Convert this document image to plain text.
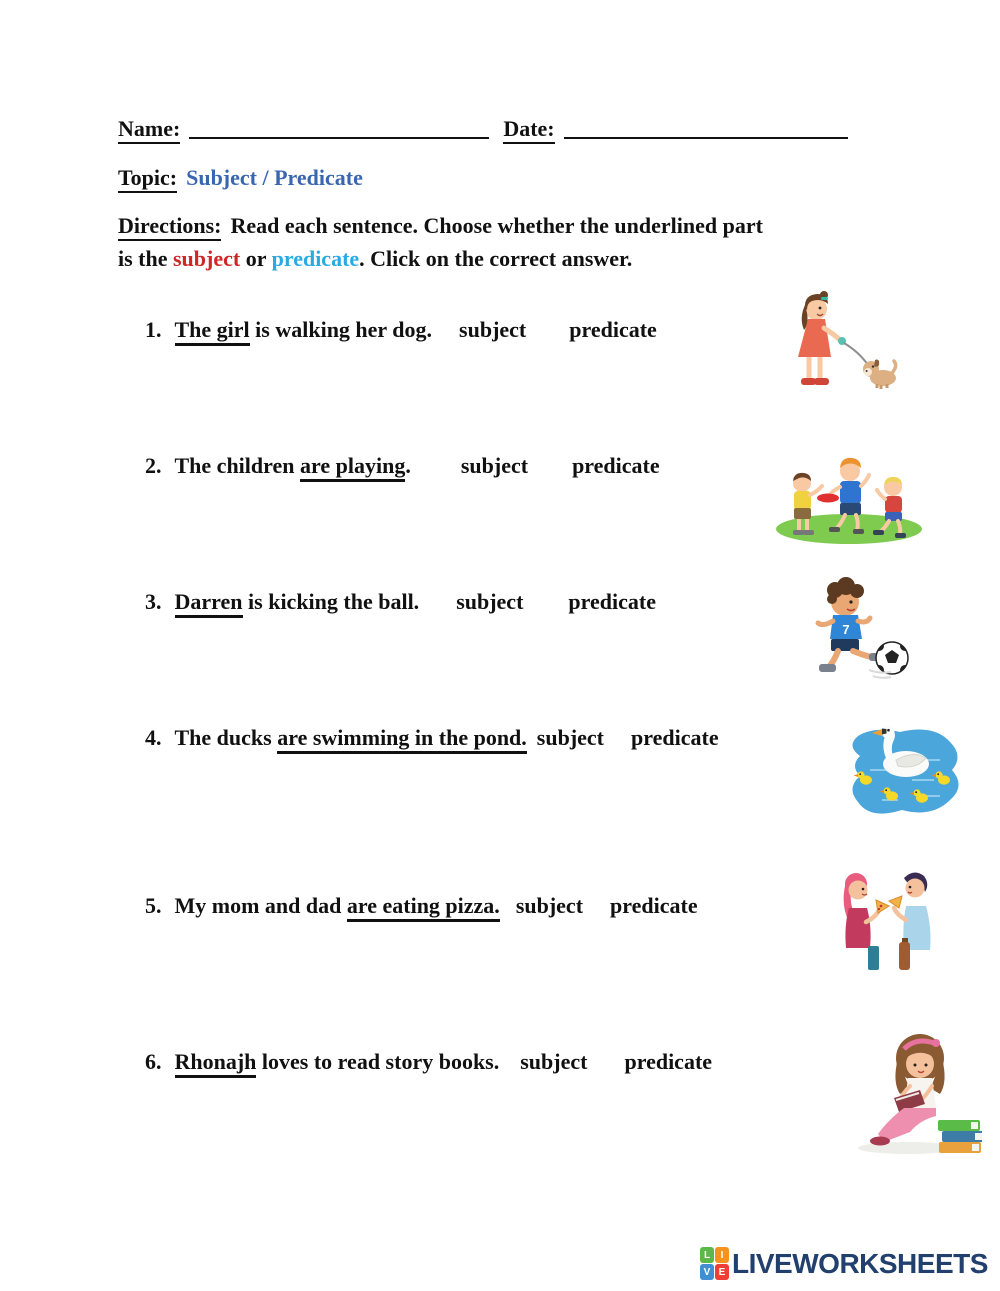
Name:	Date:
Topic: Subject / Predicate
Directions: Read each sentence. Choose whether the underlined part
is the subject or predicate. Click on the correct answer.
1. The girl is walking her dog. subject predicate
2. The children are playing. subject predicate
3. Darren is kicking the ball. subject predicate
7
4. The ducks are swimming in the pond. subject predicate
5. My mom and dad are eating pizza. subject predicate
6. Rhonajh loves to read story books. subject predicate
L	I
V E LIVEWORKSHEETS
